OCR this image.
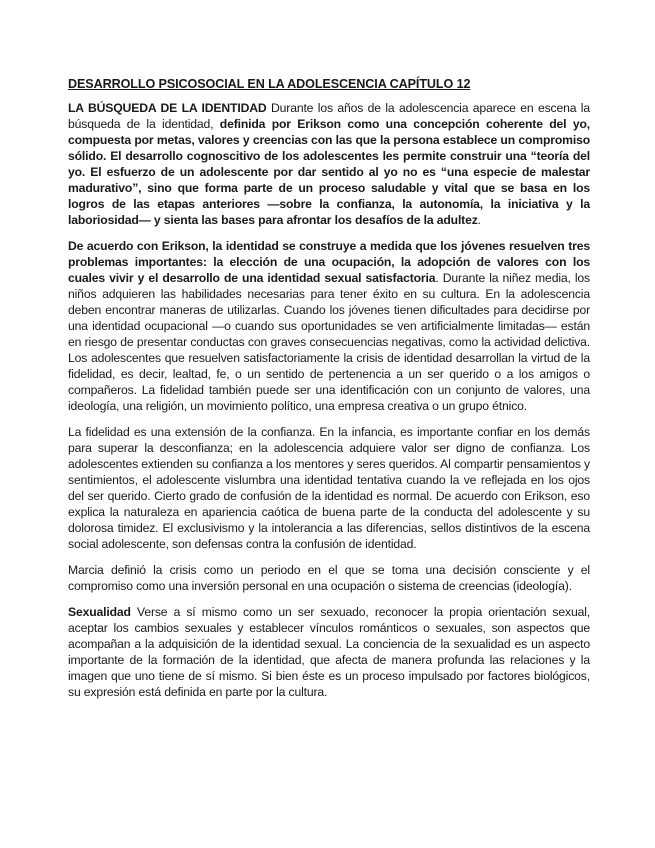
DESARROLLO PSICOSOCIAL EN LA ADOLESCENCIA CAPÍTULO 12

LA BÚSQUEDA DE LA IDENTIDAD Durante los años de la adolescencia aparece en escena la búsqueda de la identidad, definida por Erikson como una concepción coherente del yo, compuesta por metas, valores y creencias con las que la persona establece un compromiso sólido. El desarrollo cognoscitivo de los adolescentes les permite construir una “teoría del yo. El esfuerzo de un adolescente por dar sentido al yo no es “una especie de malestar madurativo”, sino que forma parte de un proceso saludable y vital que se basa en los logros de las etapas anteriores —sobre la confianza, la autonomía, la iniciativa y la laboriosidad— y sienta las bases para afrontar los desafíos de la adultez.

De acuerdo con Erikson, la identidad se construye a medida que los jóvenes resuelven tres problemas importantes: la elección de una ocupación, la adopción de valores con los cuales vivir y el desarrollo de una identidad sexual satisfactoria. Durante la niñez media, los niños adquieren las habilidades necesarias para tener éxito en su cultura. En la adolescencia deben encontrar maneras de utilizarlas. Cuando los jóvenes tienen dificultades para decidirse por una identidad ocupacional —o cuando sus oportunidades se ven artificialmente limitadas— están en riesgo de presentar conductas con graves consecuencias negativas, como la actividad delictiva. Los adolescentes que resuelven satisfactoriamente la crisis de identidad desarrollan la virtud de la fidelidad, es decir, lealtad, fe, o un sentido de pertenencia a un ser querido o a los amigos o compañeros. La fidelidad también puede ser una identificación con un conjunto de valores, una ideología, una religión, un movimiento político, una empresa creativa o un grupo étnico.

La fidelidad es una extensión de la confianza. En la infancia, es importante confiar en los demás para superar la desconfianza; en la adolescencia adquiere valor ser digno de confianza. Los adolescentes extienden su confianza a los mentores y seres queridos. Al compartir pensamientos y sentimientos, el adolescente vislumbra una identidad tentativa cuando la ve reflejada en los ojos del ser querido. Cierto grado de confusión de la identidad es normal. De acuerdo con Erikson, eso explica la naturaleza en apariencia caótica de buena parte de la conducta del adolescente y su dolorosa timidez. El exclusivismo y la intolerancia a las diferencias, sellos distintivos de la escena social adolescente, son defensas contra la confusión de identidad.

Marcia definió la crisis como un periodo en el que se toma una decisión consciente y el compromiso como una inversión personal en una ocupación o sistema de creencias (ideología).

Sexualidad Verse a sí mismo como un ser sexuado, reconocer la propia orientación sexual, aceptar los cambios sexuales y establecer vínculos románticos o sexuales, son aspectos que acompañan a la adquisición de la identidad sexual. La conciencia de la sexualidad es un aspecto importante de la formación de la identidad, que afecta de manera profunda las relaciones y la imagen que uno tiene de sí mismo. Si bien éste es un proceso impulsado por factores biológicos, su expresión está definida en parte por la cultura.
